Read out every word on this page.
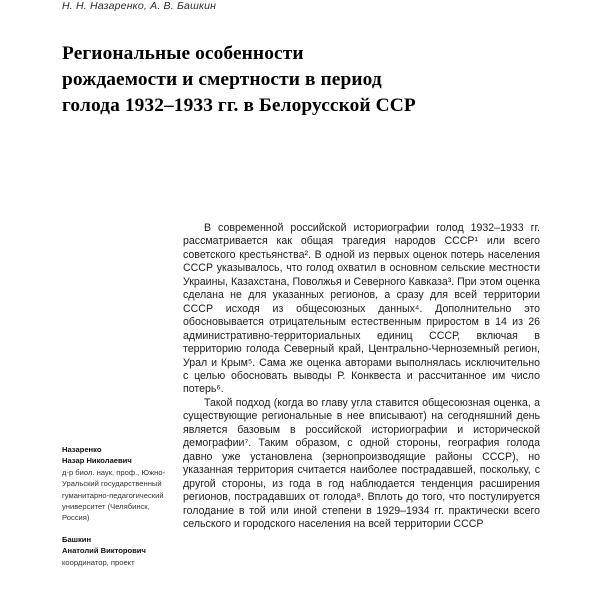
Н. Н. Назаренко, А. В. Башкин
Региональные особенности
рождаемости и смертности в период
голода 1932–1933 гг. в Белорусской ССР
Назаренко
Назар Николаевич
д-р биол. наук, проф., Южно-Уральский государственный гуманитарно-педагогический университет (Челябинск, Россия)
Башкин
Анатолий Викторович
координатор, проект

В современной российской историографии голод 1932–1933 гг. рассматривается как общая трагедия народов СССР¹ или всего советского крестьянства². В одной из первых оценок потерь населения СССР указывалось, что голод охватил в основном сельские местности Украины, Казахстана, Поволжья и Северного Кавказа³. При этом оценка сделана не для указанных регионов, а сразу для всей территории СССР исходя из общесоюзных данных⁴. Дополнительно это обосновывается отрицательным естественным приростом в 14 из 26 административно-территориальных единиц СССР, включая в территорию голода Северный край, Центрально-Черноземный регион, Урал и Крым⁵. Сама же оценка авторами выполнялась исключительно с целью обосновать выводы Р. Конквеста и рассчитанное им число потерь⁶.

Такой подход (когда во главу угла ставится общесоюзная оценка, а существующие региональные в нее вписывают) на сегодняшний день является базовым в российской историографии и исторической демографии⁷. Таким образом, с одной стороны, география голода давно уже установлена (зернопроизводящие районы СССР), но указанная территория считается наиболее пострадавшей, поскольку, с другой стороны, из года в год наблюдается тенденция расширения регионов, пострадавших от голода⁸. Вплоть до того, что постулируется голодание в той или иной степени в 1929–1934 гг. практически всего сельского и городского населения на всей территории СССР
